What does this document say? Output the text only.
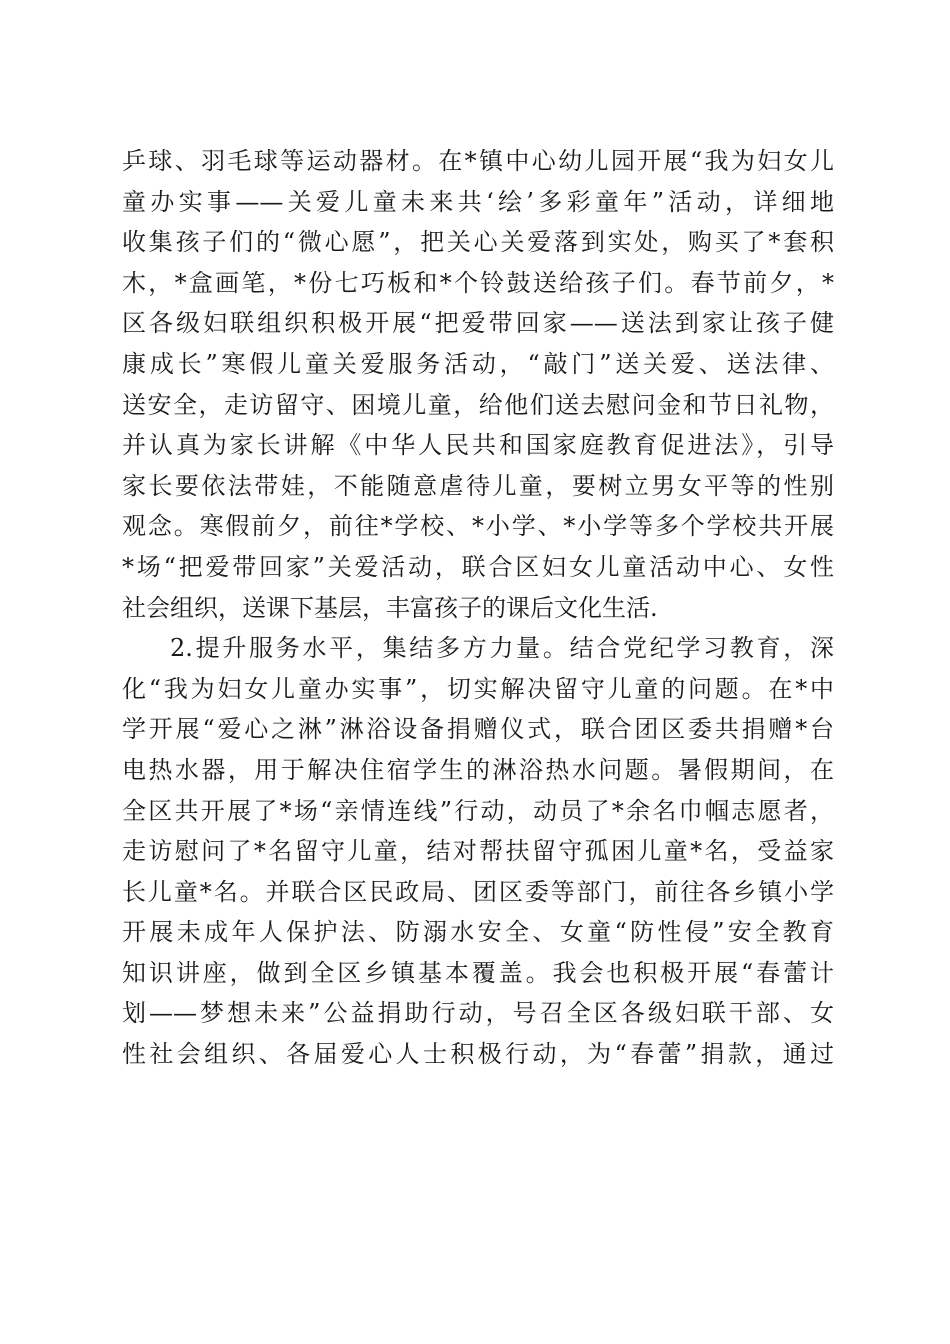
乒球、羽毛球等运动器材。在*镇中心幼儿园开展“我为妇女儿
童办实事——关爱儿童未来共‘绘’多彩童年”活动，详细地
收集孩子们的“微心愿”，把关心关爱落到实处，购买了*套积
木，*盒画笔，*份七巧板和*个铃鼓送给孩子们。春节前夕，*
区各级妇联组织积极开展“把爱带回家——送法到家让孩子健
康成长”寒假儿童关爱服务活动，“敲门”送关爱、送法律、
送安全，走访留守、困境儿童，给他们送去慰问金和节日礼物，
并认真为家长讲解《中华人民共和国家庭教育促进法》，引导
家长要依法带娃，不能随意虐待儿童，要树立男女平等的性别
观念。寒假前夕，前往*学校、*小学、*小学等多个学校共开展
*场“把爱带回家”关爱活动，联合区妇女儿童活动中心、女性
社会组织，送课下基层，丰富孩子的课后文化生活.
2.提升服务水平，集结多方力量。结合党纪学习教育，深
化“我为妇女儿童办实事”，切实解决留守儿童的问题。在*中
学开展“爱心之淋”淋浴设备捐赠仪式，联合团区委共捐赠*台
电热水器，用于解决住宿学生的淋浴热水问题。暑假期间，在
全区共开展了*场“亲情连线”行动，动员了*余名巾帼志愿者，
走访慰问了*名留守儿童，结对帮扶留守孤困儿童*名，受益家
长儿童*名。并联合区民政局、团区委等部门，前往各乡镇小学
开展未成年人保护法、防溺水安全、女童“防性侵”安全教育
知识讲座，做到全区乡镇基本覆盖。我会也积极开展“春蕾计
划——梦想未来”公益捐助行动，号召全区各级妇联干部、女
性社会组织、各届爱心人士积极行动，为“春蕾”捐款，通过
